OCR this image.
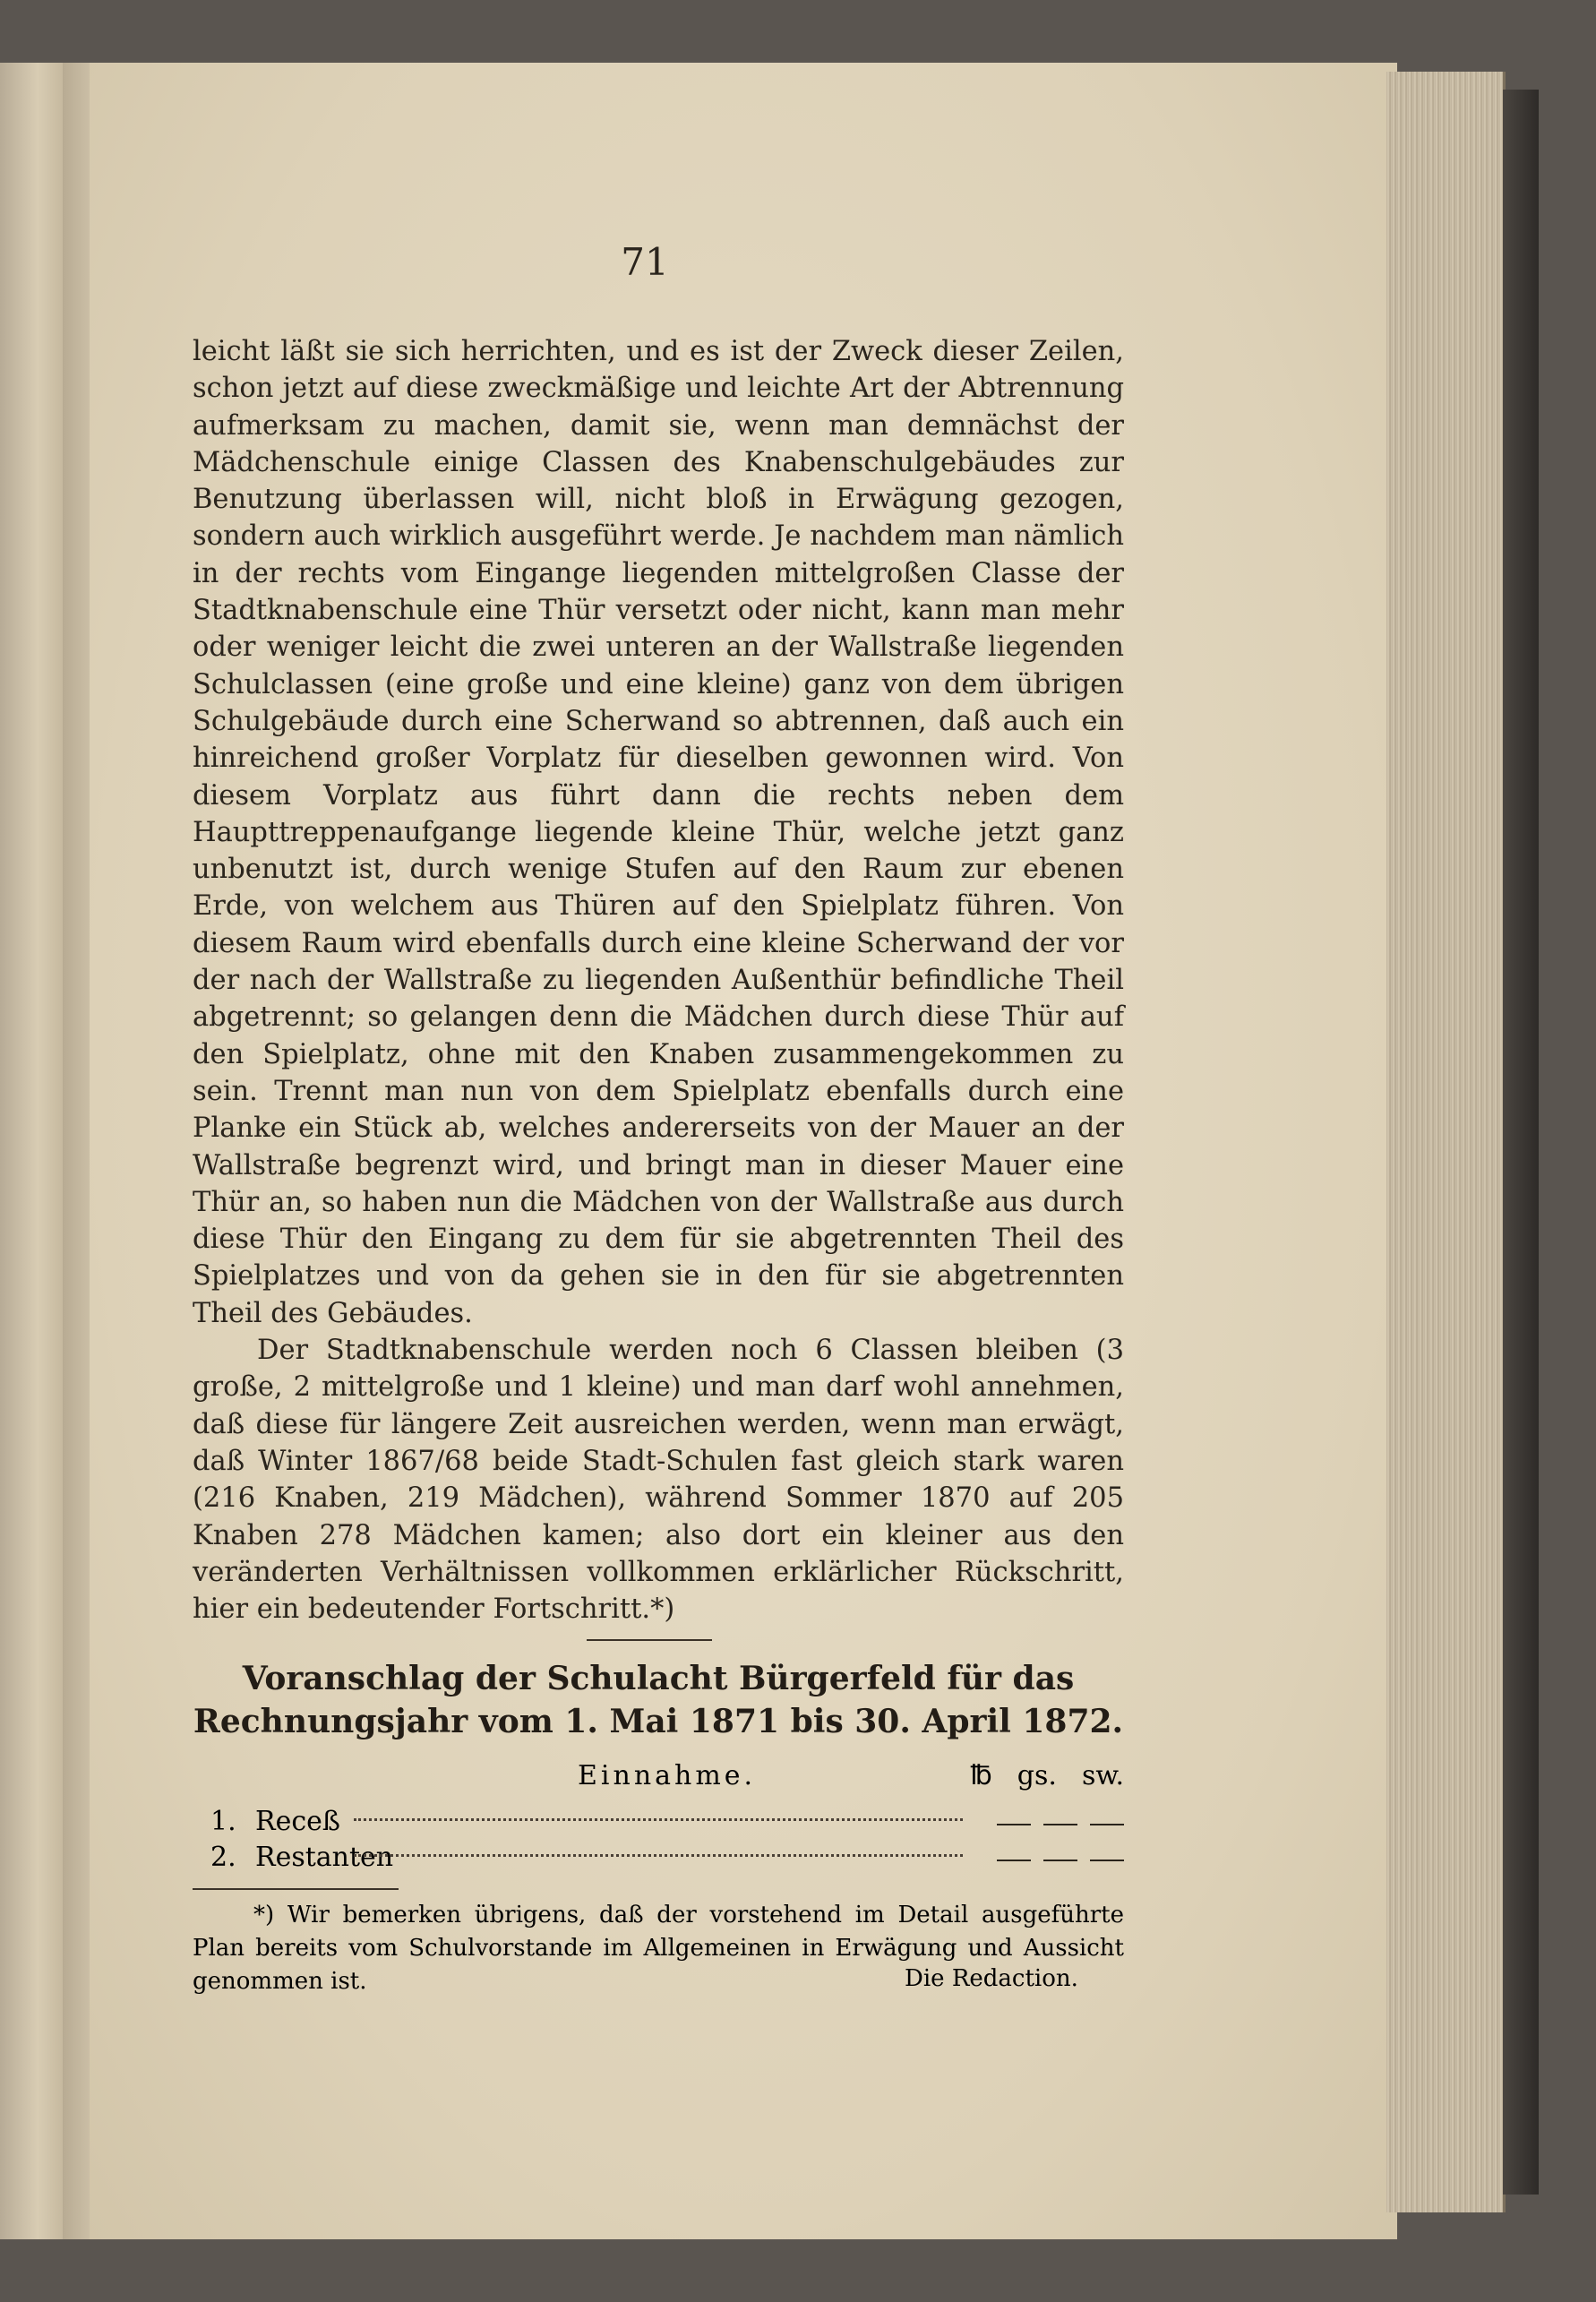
71

leicht läßt sie sich herrichten, und es ist der Zweck dieser Zeilen, schon jetzt auf diese zweckmäßige und leichte Art der Abtrennung aufmerksam zu machen, damit sie, wenn man demnächst der Mädchenschule einige Classen des Knabenschulgebäudes zur Benutzung überlassen will, nicht bloß in Erwägung gezogen, sondern auch wirklich ausgeführt werde. Je nachdem man nämlich in der rechts vom Eingange liegenden mittelgroßen Classe der Stadtknabenschule eine Thür versetzt oder nicht, kann man mehr oder weniger leicht die zwei unteren an der Wallstraße liegenden Schulclassen (eine große und eine kleine) ganz von dem übrigen Schulgebäude durch eine Scherwand so abtrennen, daß auch ein hinreichend großer Vorplatz für dieselben gewonnen wird. Von diesem Vorplatz aus führt dann die rechts neben dem Haupttreppenaufgange liegende kleine Thür, welche jetzt ganz unbenutzt ist, durch wenige Stufen auf den Raum zur ebenen Erde, von welchem aus Thüren auf den Spielplatz führen. Von diesem Raum wird ebenfalls durch eine kleine Scherwand der vor der nach der Wallstraße zu liegenden Außenthür befindliche Theil abgetrennt; so gelangen denn die Mädchen durch diese Thür auf den Spielplatz, ohne mit den Knaben zusammengekommen zu sein. Trennt man nun von dem Spielplatz ebenfalls durch eine Planke ein Stück ab, welches andererseits von der Mauer an der Wallstraße begrenzt wird, und bringt man in dieser Mauer eine Thür an, so haben nun die Mädchen von der Wallstraße aus durch diese Thür den Eingang zu dem für sie abgetrennten Theil des Spielplatzes und von da gehen sie in den für sie abgetrennten Theil des Gebäudes.

Der Stadtknabenschule werden noch 6 Classen bleiben (3 große, 2 mittelgroße und 1 kleine) und man darf wohl annehmen, daß diese für längere Zeit ausreichen werden, wenn man erwägt, daß Winter 1867/68 beide Stadt-Schulen fast gleich stark waren (216 Knaben, 219 Mädchen), während Sommer 1870 auf 205 Knaben 278 Mädchen kamen; also dort ein kleiner aus den veränderten Verhältnissen vollkommen erklärlicher Rückschritt, hier ein bedeutender Fortschritt.*)

Voranschlag der Schulacht Bürgerfeld für das Rechnungsjahr vom 1. Mai 1871 bis 30. April 1872.
Einnahme.	℔ gs. sw.
1. Receß
2. Restanten

*) Wir bemerken übrigens, daß der vorstehend im Detail ausgeführte Plan bereits vom Schulvorstande im Allgemeinen in Erwägung und Aussicht genommen ist.	Die Redaction.
